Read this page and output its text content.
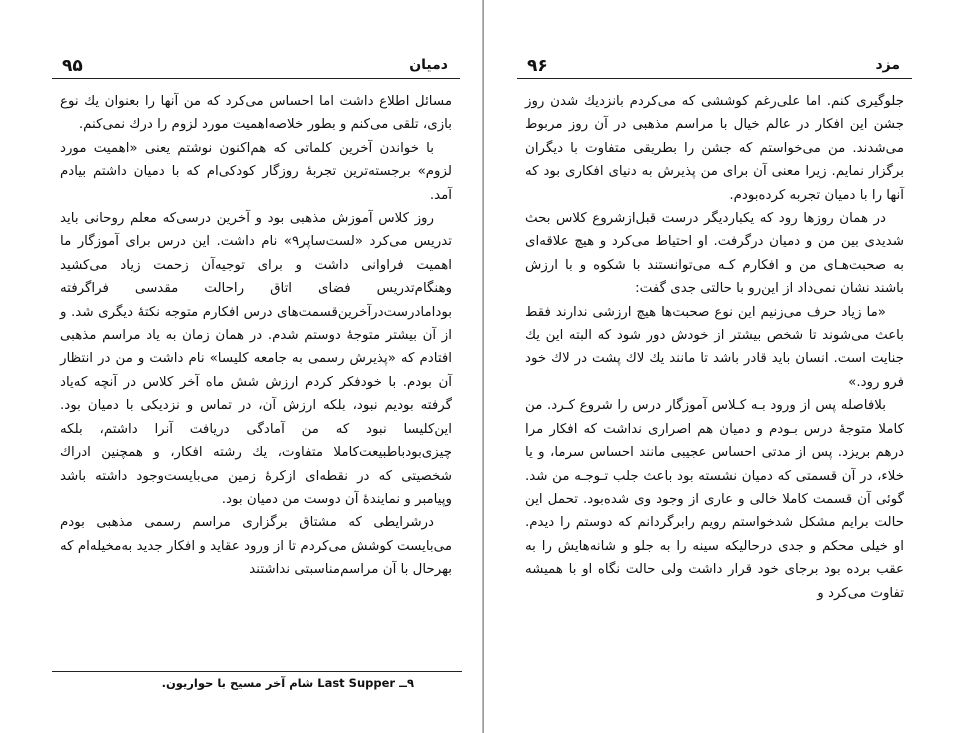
۹۵	دمیان

مسائل اطلاع داشت اما احساس می‌کرد که من آنها را بعنوان یك نوع بازی، تلقی می‌کنم و بطور خلاصه‌اهمیت مورد لزوم را درك نمی‌کنم.

با خواندن آخرین کلماتی که هم‌اکنون نوشتم یعنی «اهمیت مورد لزوم» برجسته‌ترین تجربهٔ روزگار کودکی‌ام که با دمیان داشتم بیادم آمد.

روز کلاس آموزش مذهبی بود و آخرین درسی‌که معلم روحانی باید تدریس می‌کرد «لست‌ساپر۹» نام داشت. این درس برای آموزگار ما اهمیت فراوانی داشت و برای توجیه‌آن زحمت زیاد می‌کشید وهنگام‌تدریس فضای اتاق راحالت مقدسی فراگرفته بودامادرست‌درآخرین‌قسمت‌های درس افکارم متوجه نکتهٔ دیگری شد. و از آن بیشتر متوجهٔ دوستم شدم. در همان زمان به یاد مراسم مذهبی افتادم که «پذیرش رسمی به جامعه کلیسا» نام داشت و من در انتظار آن بودم. با خودفکر کردم ارزش شش ماه آخر کلاس در آنچه که‌یاد گرفته بودیم نبود، بلکه ارزش آن، در تماس و نزدیکی با دمیان بود. این‌کلیسا نبود که من آمادگی دریافت آنرا داشتم، بلکه چیزی‌بودباطبیعت‌کاملا متفاوت، یك رشته افکار، و همچنین ادراك شخصیتی که در نقطه‌ای ازکرهٔ زمین می‌بایست‌وجود داشته باشد وپیامبر و نمایندهٔ آن دوست من دمیان بود.

درشرایطی که مشتاق برگزاری مراسم رسمی مذهبی بودم می‌بایست کوشش می‌کردم تا از ورود عقاید و افکار جدید به‌مخیله‌ام که بهرحال با آن مراسم‌مناسبتی نداشتند

۹ــ Last Supper شام آخر مسیح با حواریون.
۹۶	مزد

جلوگیری کنم. اما علی‌رغم کوششی که می‌کردم بانزدیك شدن روز جشن این افکار در عالم خیال با مراسم مذهبی در آن روز مربوط می‌شدند. من می‌خواستم که جشن را بطریقی متفاوت با دیگران برگزار نمایم. زیرا معنی آن برای من پذیرش به دنیای افکاری بود که آنها را با دمیان تجربه کرده‌بودم.

در همان روزها رود که یکباردیگر درست قبل‌ازشروع کلاس بحث شدیدی بین من و دمیان درگرفت. او احتیاط می‌کرد و هیچ علاقه‌ای به صحبت‌هـای من و افکارم کـه می‌توانستند با شکوه و با ارزش باشند نشان نمی‌داد از این‌رو با حالتی جدی گفت:

«ما زیاد حرف می‌زنیم این نوع صحبت‌ها هیچ ارزشی ندارند فقط باعث می‌شوند تا شخص بیشتر از خودش دور شود که البته این یك جنایت است. انسان باید قادر باشد تا مانند یك لاك پشت در لاك خود فرو رود.»

بلافاصله پس از ورود بـه کـلاس آموزگار درس را شروع کـرد. من کاملا متوجهٔ درس بـودم و دمیان هم اصراری نداشت که افکار مرا درهم بریزد. پس از مدتی احساس عجیبی مانند احساس سرما، و یا خلاء، در آن قسمتی که دمیان نشسته بود باعث جلب تـوجـه من شد. گوئی آن قسمت کاملا خالی و عاری از وجود وی شده‌بود. تحمل این حالت برایم مشکل شدخواستم رویم رابرگردانم که دوستم را دیدم. او خیلی محکم و جدی درحالیکه سینه را به جلو و شانه‌هایش را به عقب برده بود برجای خود قرار داشت ولی حالت نگاه او با همیشه تفاوت می‌کرد و
